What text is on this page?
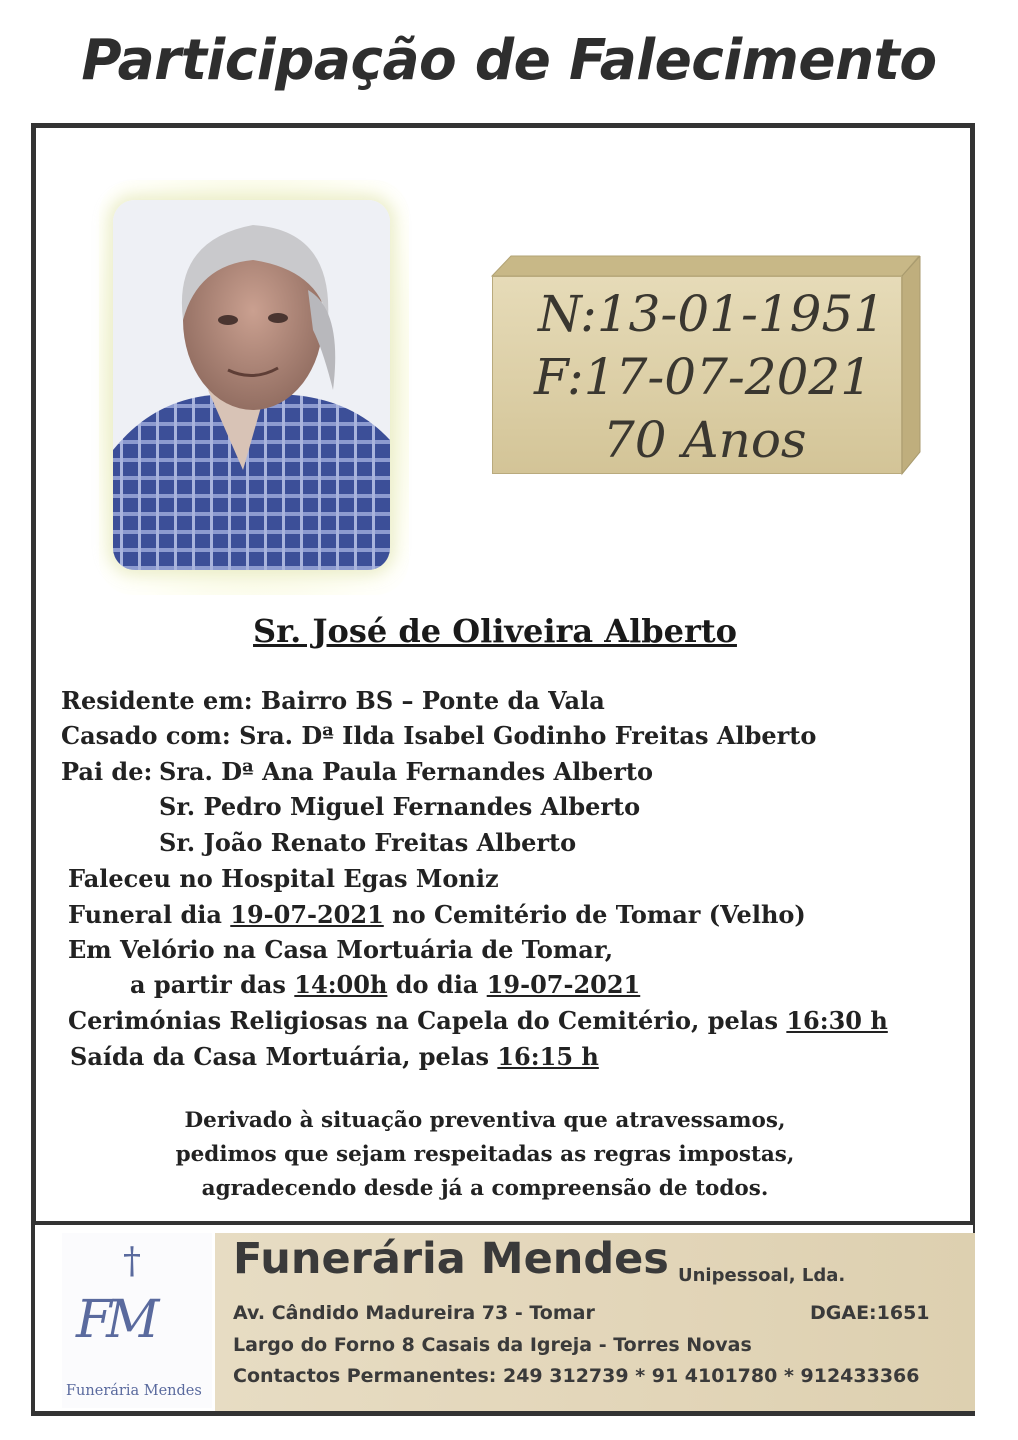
Participação de Falecimento
N:13-01-1951
F:17-07-2021
70 Anos
Sr. José de Oliveira Alberto
Residente em: Bairro BS – Ponte da Vala
Casado com: Sra. Dª Ilda Isabel Godinho Freitas Alberto
Pai de: Sra. Dª Ana Paula Fernandes Alberto
Sr. Pedro Miguel Fernandes Alberto
Sr. João Renato Freitas Alberto
Faleceu no Hospital Egas Moniz
Funeral dia 19-07-2021 no Cemitério de Tomar (Velho)
Em Velório na Casa Mortuária de Tomar,
a partir das 14:00h do dia 19-07-2021
Cerimónias Religiosas na Capela do Cemitério, pelas 16:30 h
Saída da Casa Mortuária, pelas 16:15 h
Derivado à situação preventiva que atravessamos,
pedimos que sejam respeitadas as regras impostas,
agradecendo desde já a compreensão de todos.
†
FM
Funerária Mendes
Funerária Mendes Unipessoal, Lda.
Av. Cândido Madureira 73 - Tomar	DGAE:1651
Largo do Forno 8 Casais da Igreja - Torres Novas
Contactos Permanentes: 249 312739 * 91 4101780 * 912433366
